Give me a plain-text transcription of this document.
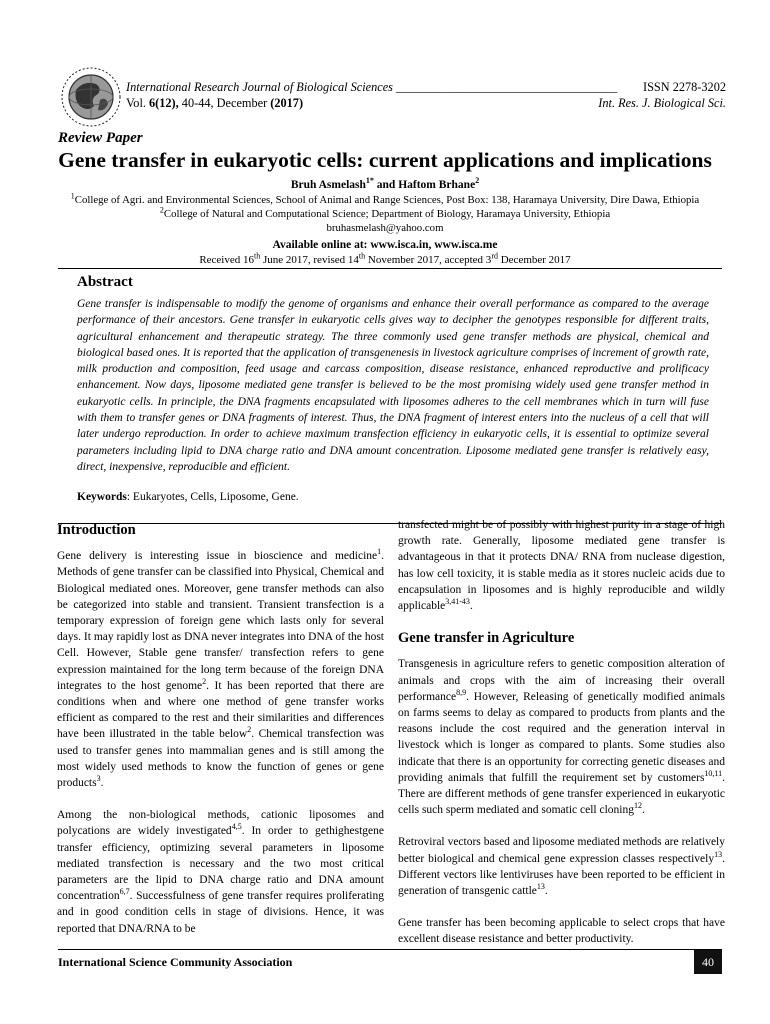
International Research Journal of Biological Sciences ____________________________________ ISSN 2278-3202
Vol. 6(12), 40-44, December (2017)	Int. Res. J. Biological Sci.
Review Paper
Gene transfer in eukaryotic cells: current applications and implications
Bruh Asmelash$^{1*}$ and Haftom Brhane$^2$
$^1$College of Agri. and Environmental Sciences, School of Animal and Range Sciences, Post Box: 138, Haramaya University, Dire Dawa, Ethiopia
$^2$College of Natural and Computational Science; Department of Biology, Haramaya University, Ethiopia
bruhasmelash@yahoo.com
Available online at: www.isca.in, www.isca.me
Received 16th June 2017, revised 14th November 2017, accepted 3rd December 2017
Abstract
Gene transfer is indispensable to modify the genome of organisms and enhance their overall performance as compared to the average performance of their ancestors. Gene transfer in eukaryotic cells gives way to decipher the genotypes responsible for different traits, agricultural enhancement and therapeutic strategy. The three commonly used gene transfer methods are physical, chemical and biological based ones. It is reported that the application of transgenenesis in livestock agriculture comprises of increment of growth rate, milk production and composition, feed usage and carcass composition, disease resistance, enhanced reproductive and prolificacy enhancement. Now days, liposome mediated gene transfer is believed to be the most promising widely used gene transfer method in eukaryotic cells. In principle, the DNA fragments encapsulated with liposomes adheres to the cell membranes which in turn will fuse with them to transfer genes or DNA fragments of interest. Thus, the DNA fragment of interest enters into the nucleus of a cell that will later undergo reproduction. In order to achieve maximum transfection efficiency in eukaryotic cells, it is essential to optimize several parameters including lipid to DNA charge ratio and DNA amount concentration. Liposome mediated gene transfer is relatively easy, direct, inexpensive, reproducible and efficient.
Keywords: Eukaryotes, Cells, Liposome, Gene.
Introduction

Gene delivery is interesting issue in bioscience and medicine$^1$. Methods of gene transfer can be classified into Physical, Chemical and Biological mediated ones. Moreover, gene transfer methods can also be categorized into stable and transient. Transient transfection is a temporary expression of foreign gene which lasts only for several days. It may rapidly lost as DNA never integrates into DNA of the host Cell. However, Stable gene transfer/ transfection refers to gene expression maintained for the long term because of the foreign DNA integrates to the host genome$^2$. It has been reported that there are conditions when and where one method of gene transfer works efficient as compared to the rest and their similarities and differences have been illustrated in the table below$^2$. Chemical transfection was used to transfer genes into mammalian genes and is still among the most widely used methods to know the function of genes or gene products$^3$.

Among the non-biological methods, cationic liposomes and polycations are widely investigated$^{4,5}$. In order to gethighestgene transfer efficiency, optimizing several parameters in liposome mediated transfection is necessary and the two most critical parameters are the lipid to DNA charge ratio and DNA amount concentration$^{6,7}$. Successfulness of gene transfer requires proliferating and in good condition cells in stage of divisions. Hence, it was reported that DNA/RNA to be

transfected might be of possibly with highest purity in a stage of high growth rate. Generally, liposome mediated gene transfer is advantageous in that it protects DNA/ RNA from nuclease digestion, has low cell toxicity, it is stable media as it stores nucleic acids due to encapsulation in liposomes and is highly reproducible and wildly applicable$^{3,41-43}$.

Gene transfer in Agriculture

Transgenesis in agriculture refers to genetic composition alteration of animals and crops with the aim of increasing their overall performance$^{8,9}$. However, Releasing of genetically modified animals on farms seems to delay as compared to products from plants and the reasons include the cost required and the generation interval in livestock which is longer as compared to plants. Some studies also indicate that there is an opportunity for correcting genetic diseases and providing animals that fulfill the requirement set by customers$^{10,11}$. There are different methods of gene transfer experienced in eukaryotic cells such sperm mediated and somatic cell cloning$^{12}$.

Retroviral vectors based and liposome mediated methods are relatively better biological and chemical gene expression classes respectively$^{13}$. Different vectors like lentiviruses have been reported to be efficient in generation of transgenic cattle$^{13}$.

Gene transfer has been becoming applicable to select crops that have excellent disease resistance and better productivity.

International Science Community Association	40
